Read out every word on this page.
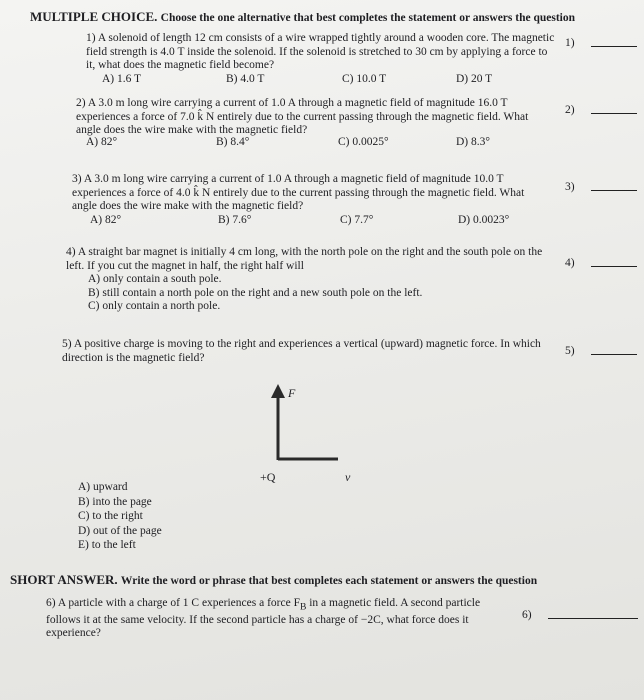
MULTIPLE CHOICE. Choose the one alternative that best completes the statement or answers the question
1) A solenoid of length 12 cm consists of a wire wrapped tightly around a wooden core. The magnetic field strength is 4.0 T inside the solenoid. If the solenoid is stretched to 30 cm by applying a force to it, what does the magnetic field become?
A) 1.6 T	B) 4.0 T	C) 10.0 T	D) 20 T
1)
2) A 3.0 m long wire carrying a current of 1.0 A through a magnetic field of magnitude 16.0 T experiences a force of 7.0 k̂ N entirely due to the current passing through the magnetic field. What angle does the wire make with the magnetic field?
A) 82°	B) 8.4°	C) 0.0025°	D) 8.3°
2)
3) A 3.0 m long wire carrying a current of 1.0 A through a magnetic field of magnitude 10.0 T experiences a force of 4.0 k̂ N entirely due to the current passing through the magnetic field. What angle does the wire make with the magnetic field?
A) 82°	B) 7.6°	C) 7.7°	D) 0.0023°
3)
4) A straight bar magnet is initially 4 cm long, with the north pole on the right and the south pole on the left. If you cut the magnet in half, the right half will
A) only contain a south pole.
B) still contain a north pole on the right and a new south pole on the left.
C) only contain a north pole.
4)
5) A positive charge is moving to the right and experiences a vertical (upward) magnetic force. In which direction is the magnetic field?
5)
F⃗
+Q	v⃗
A) upward
B) into the page
C) to the right
D) out of the page
E) to the left
SHORT ANSWER. Write the word or phrase that best completes each statement or answers the question
6) A particle with a charge of 1 C experiences a force $F_B$ in a magnetic field. A second particle follows it at the same velocity. If the second particle has a charge of −2C, what force does it experience?
6)
